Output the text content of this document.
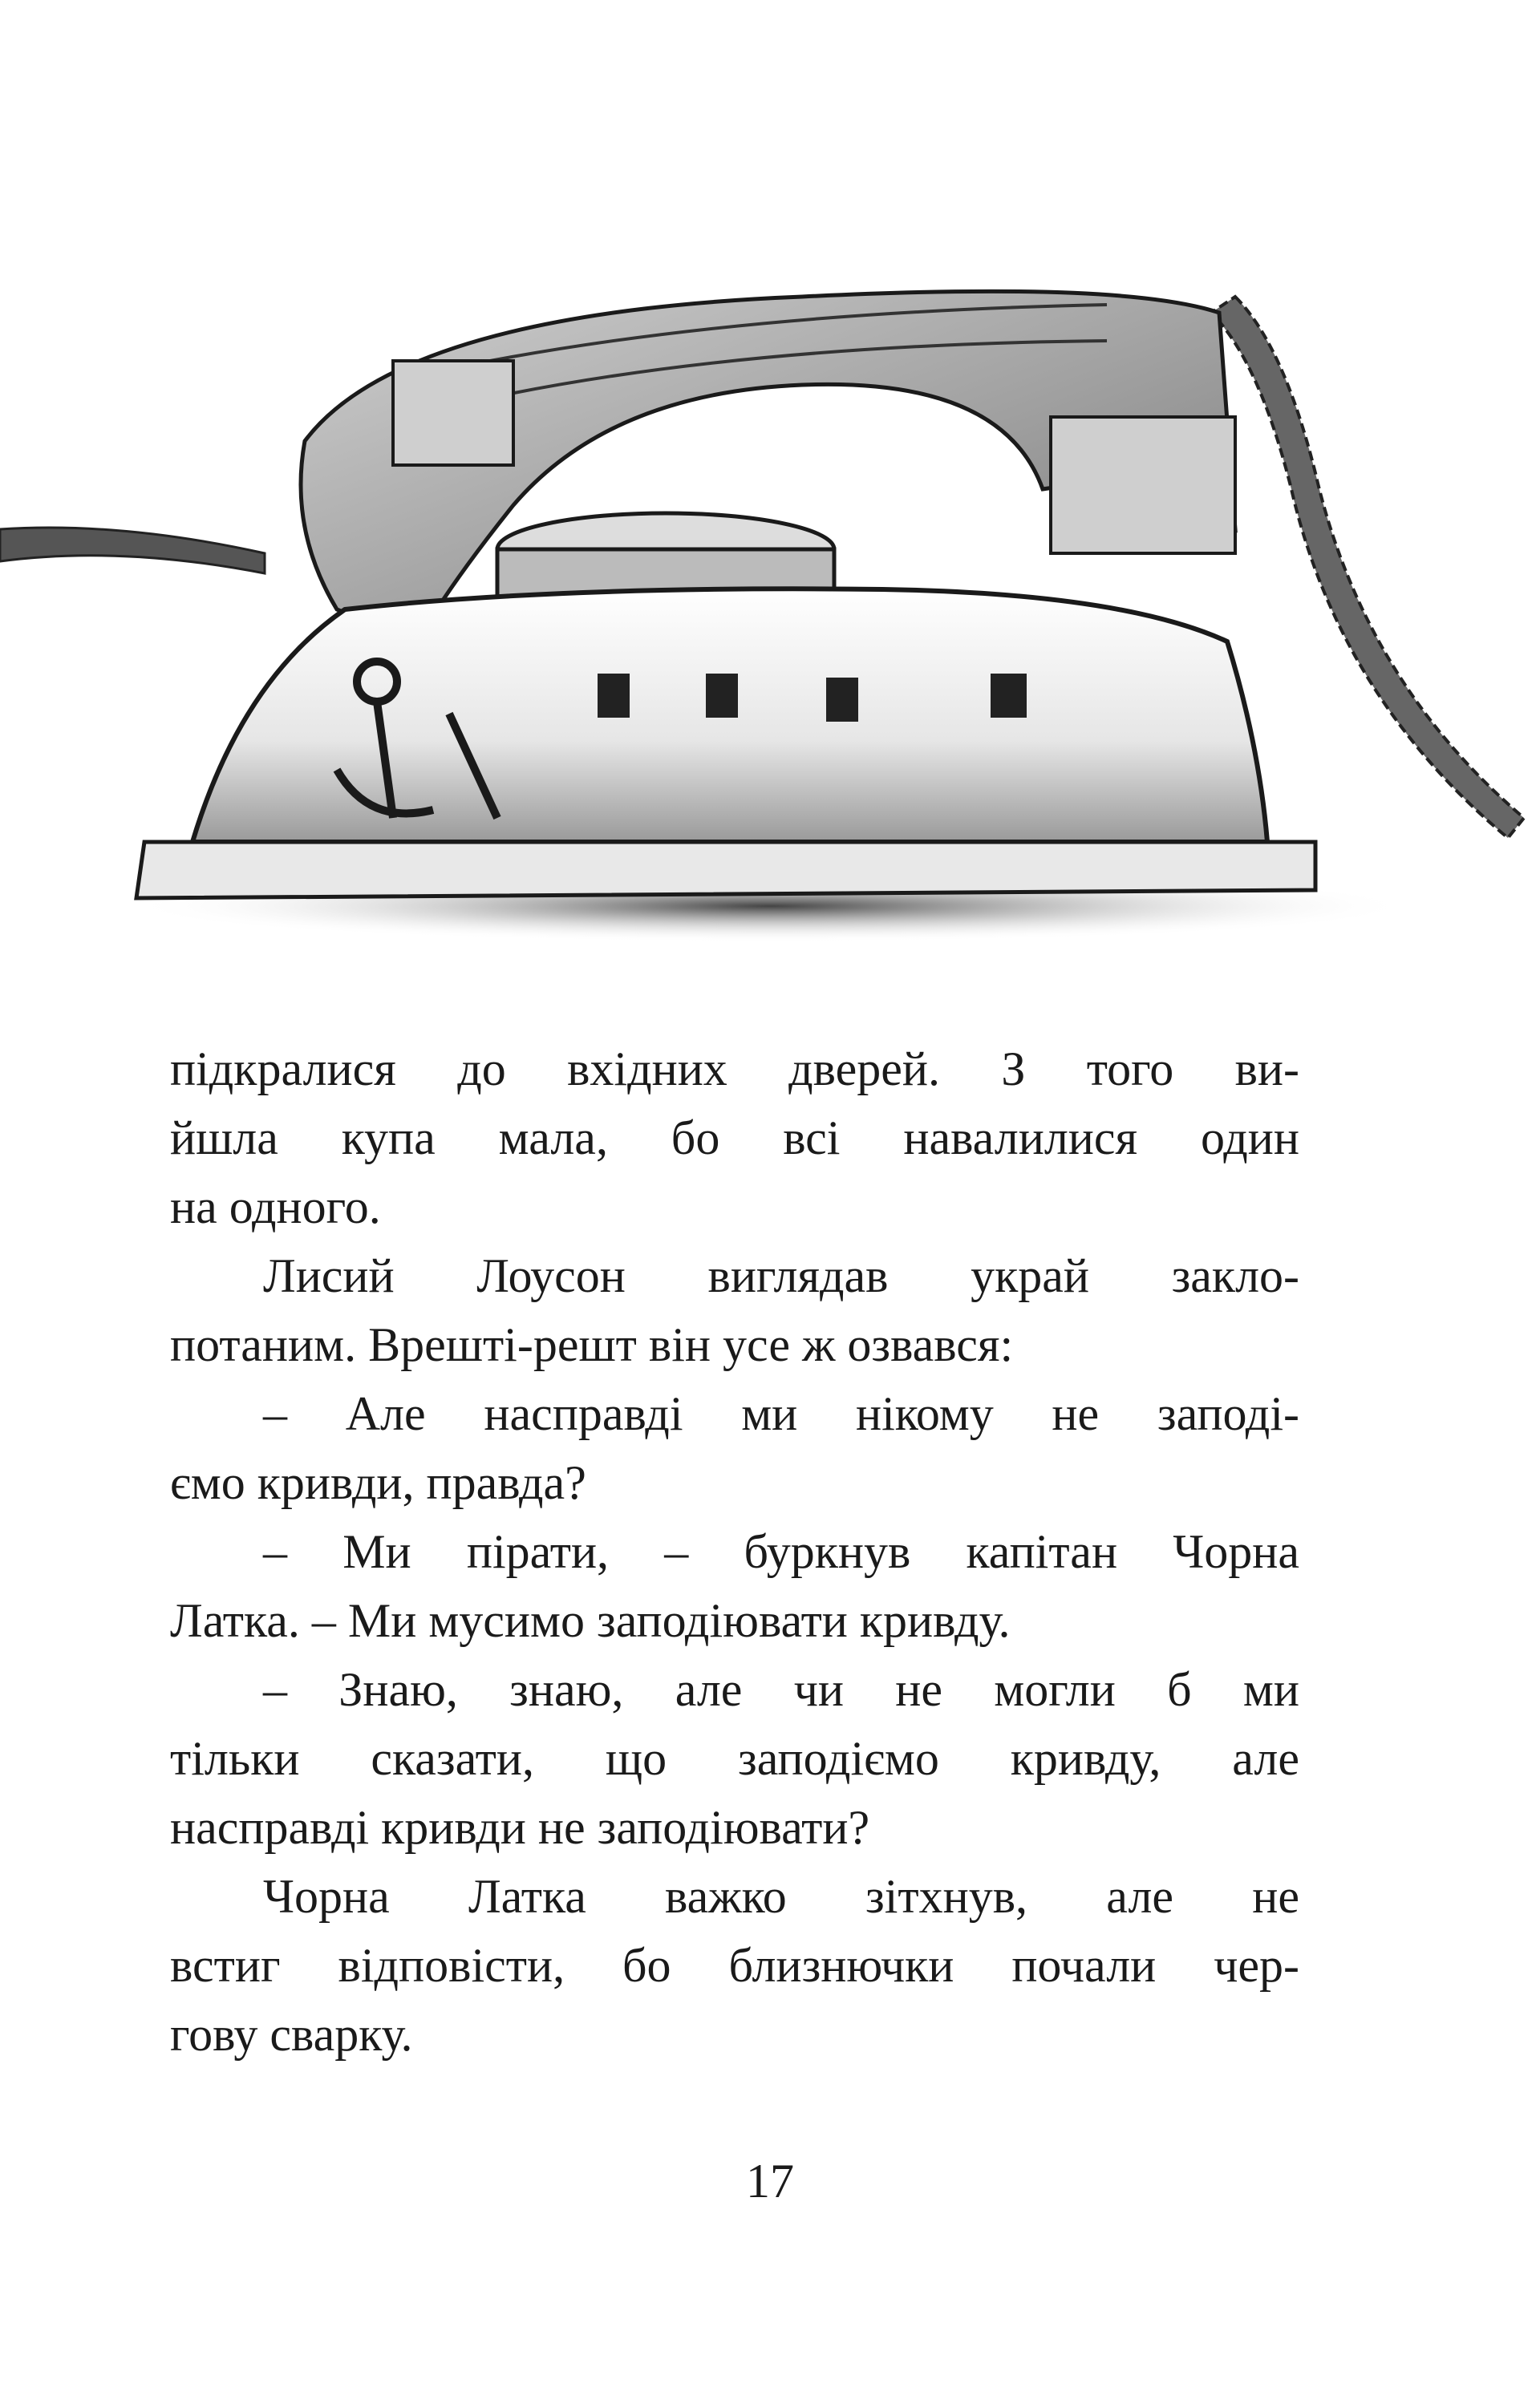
підкралися до вхідних дверей. З того ви-
йшла купа мала, бо всі навалилися один
на одного.
Лисий Лоусон виглядав украй закло-
потаним. Врешті-решт він усе ж озвався:
– Але насправді ми нікому не заподі-
ємо кривди, правда?
– Ми пірати, – буркнув капітан Чорна
Латка. – Ми мусимо заподіювати кривду.
– Знаю, знаю, але чи не могли б ми
тільки сказати, що заподіємо кривду, але
насправді кривди не заподіювати?
Чорна Латка важко зітхнув, але не
встиг відповісти, бо близнючки почали чер-
гову сварку.
17
